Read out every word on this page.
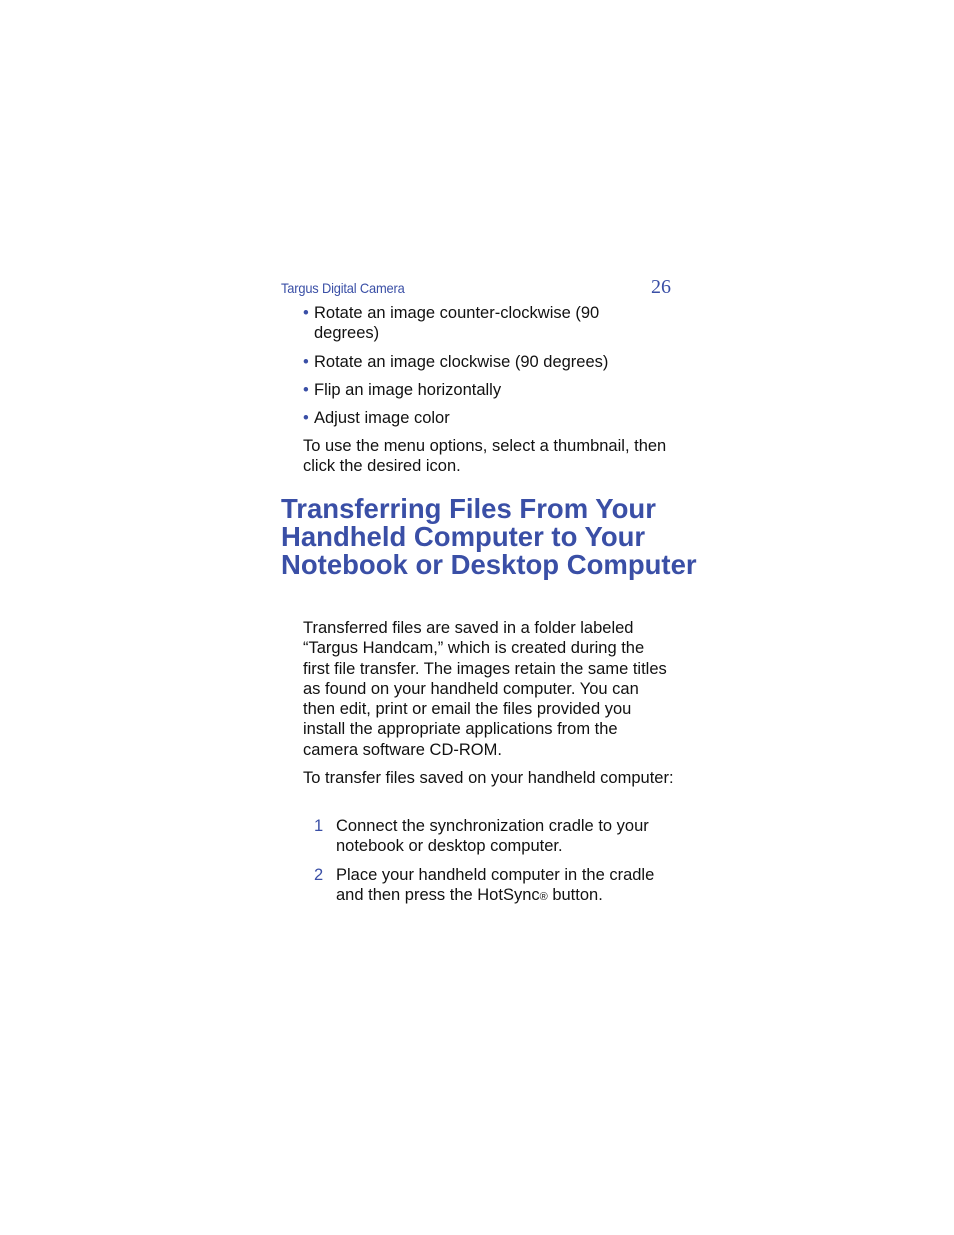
Targus Digital Camera	26
• Rotate an image counter-clockwise (90 degrees)
• Rotate an image clockwise (90 degrees)
• Flip an image horizontally
• Adjust image color

To use the menu options, select a thumbnail, then click the desired icon.

Transferring Files From Your Handheld Computer to Your Notebook or Desktop Computer

Transferred files are saved in a folder labeled “Targus Handcam,” which is created during the first file transfer. The images retain the same titles as found on your handheld computer. You can then edit, print or email the files provided you install the appropriate applications from the camera software CD-ROM.

To transfer files saved on your handheld computer:

1 Connect the synchronization cradle to your notebook or desktop computer.
2 Place your handheld computer in the cradle and then press the HotSync® button.
